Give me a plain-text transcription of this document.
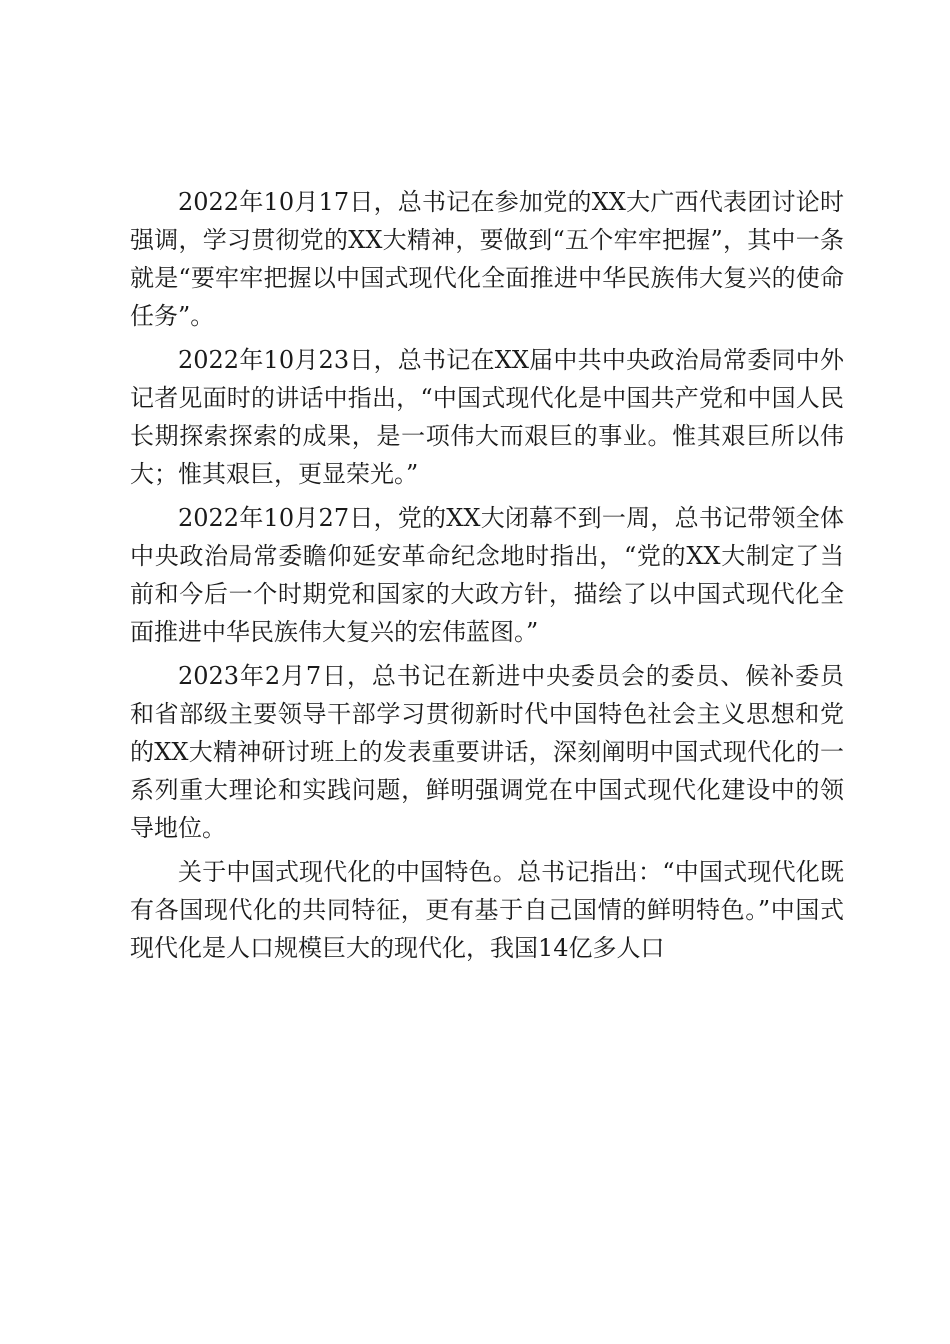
2022年10月17日，总书记在参加党的XX大广西代表团讨论时强调，学习贯彻党的XX大精神，要做到“五个牢牢把握”，其中一条就是“要牢牢把握以中国式现代化全面推进中华民族伟大复兴的使命任务”。

2022年10月23日，总书记在XX届中共中央政治局常委同中外记者见面时的讲话中指出，“中国式现代化是中国共产党和中国人民长期探索探索的成果，是一项伟大而艰巨的事业。惟其艰巨所以伟大；惟其艰巨，更显荣光。”

2022年10月27日，党的XX大闭幕不到一周，总书记带领全体中央政治局常委瞻仰延安革命纪念地时指出，“党的XX大制定了当前和今后一个时期党和国家的大政方针，描绘了以中国式现代化全面推进中华民族伟大复兴的宏伟蓝图。”

2023年2月7日，总书记在新进中央委员会的委员、候补委员和省部级主要领导干部学习贯彻新时代中国特色社会主义思想和党的XX大精神研讨班上的发表重要讲话，深刻阐明中国式现代化的一系列重大理论和实践问题，鲜明强调党在中国式现代化建设中的领导地位。

关于中国式现代化的中国特色。总书记指出：“中国式现代化既有各国现代化的共同特征，更有基于自己国情的鲜明特色。”中国式现代化是人口规模巨大的现代化，我国14亿多人口
